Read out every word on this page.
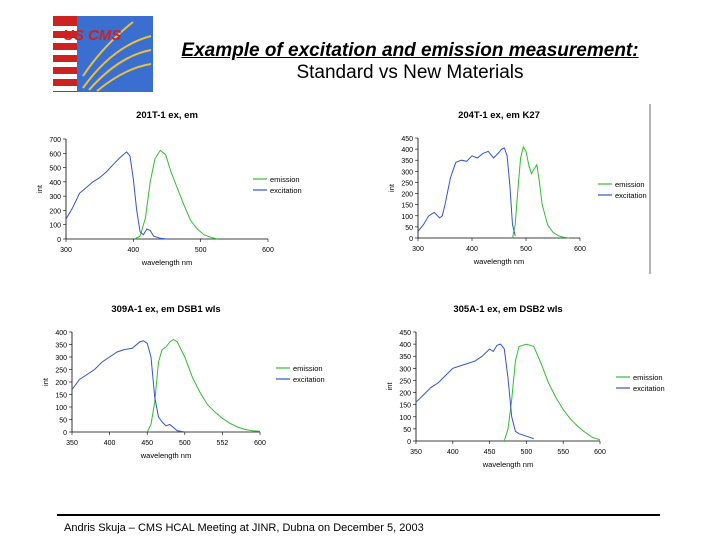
US CMS
Example of excitation and emission measurement:
Standard vs New Materials
201T-1 ex, em
0
100
200
300
400
500
600
700
300	400	500	600
wavelength nm
int
emission
excitation
204T-1 ex, em K27
0
50
100
150
200
250
300
350
400
450
300	400	500	600
wavelength nm
int	emission
excitation
309A-1 ex, em DSB1 wls
0
50
100
150
200
250
300
350
400
350	400	450	500	552	600
wavelength nm
int
emission
excitation
305A-1 ex, em DSB2 wls
0
50
100
150
200
250
300
350
400
450
350	400	450	500	550	600
wavelength nm
int
emission
excitation
Andris Skuja – CMS HCAL Meeting at JINR, Dubna on December 5, 2003
